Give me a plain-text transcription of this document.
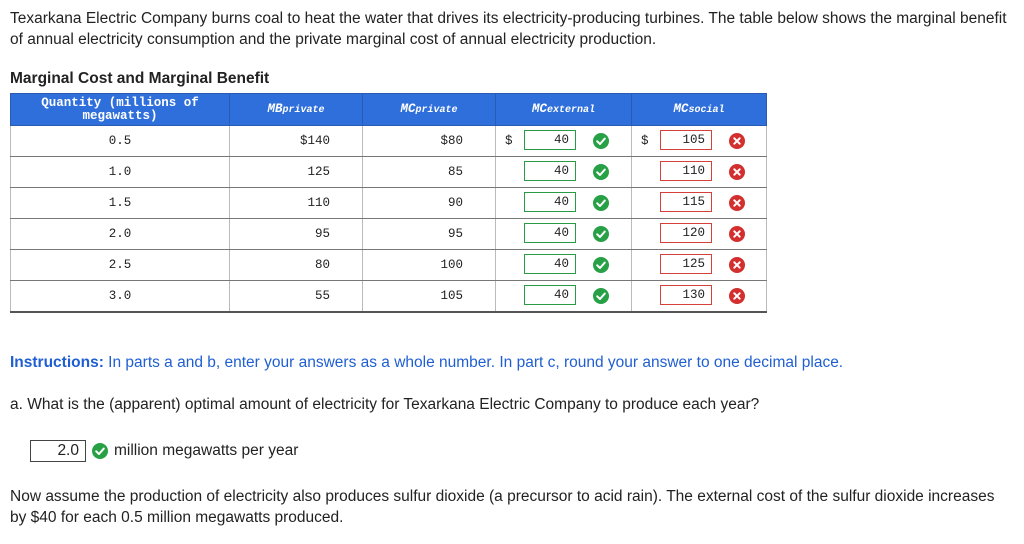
Texarkana Electric Company burns coal to heat the water that drives its electricity-producing turbines. The table below shows the marginal benefit of annual electricity consumption and the private marginal cost of annual electricity production.
Marginal Cost and Marginal Benefit
Quantity (millions of megawatts)	MBprivate	MCprivate	MCexternal	MCsocial
0.5	$140	$80	$ 40	$ 105

1.0	125	85	40	110

1.5	110	90	40	115

2.0	95	95	40	120

2.5	80	100	40	125

3.0	55	105	40	130
Instructions: In parts a and b, enter your answers as a whole number. In part c, round your answer to one decimal place.
a. What is the (apparent) optimal amount of electricity for Texarkana Electric Company to produce each year?
2.0	million megawatts per year
Now assume the production of electricity also produces sulfur dioxide (a precursor to acid rain). The external cost of the sulfur dioxide increases by $40 for each 0.5 million megawatts produced.
